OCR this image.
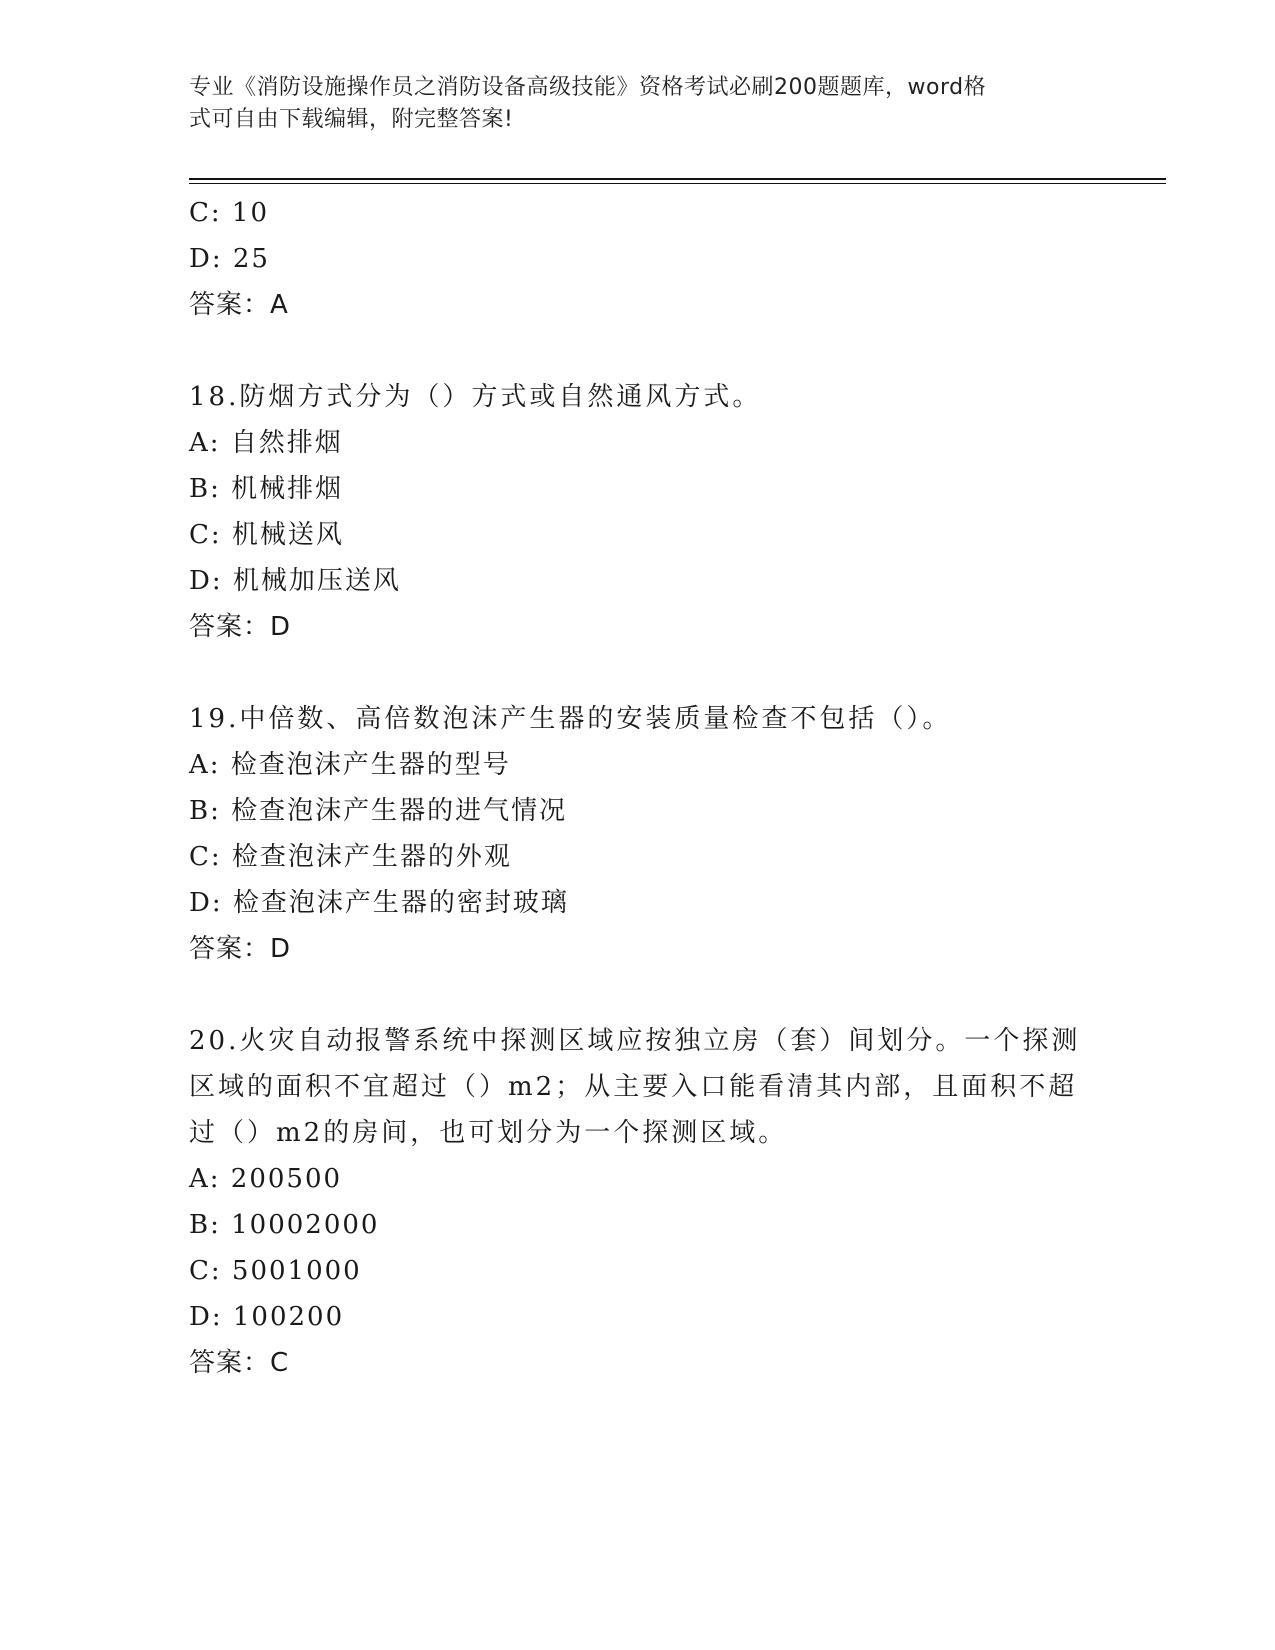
专业《消防设施操作员之消防设备高级技能》资格考试必刷200题题库，word格
式可自由下载编辑，附完整答案!
C: 10
D: 25
答案：A
18.防烟方式分为（）方式或自然通风方式。
A: 自然排烟
B: 机械排烟
C: 机械送风
D: 机械加压送风
答案：D
19.中倍数、高倍数泡沫产生器的安装质量检查不包括（）。
A: 检查泡沫产生器的型号
B: 检查泡沫产生器的进气情况
C: 检查泡沫产生器的外观
D: 检查泡沫产生器的密封玻璃
答案：D
20.火灾自动报警系统中探测区域应按独立房（套）间划分。一个探测
区域的面积不宜超过（）m2；从主要入口能看清其内部，且面积不超
过（）m2的房间，也可划分为一个探测区域。
A: 200500
B: 10002000
C: 5001000
D: 100200
答案：C
